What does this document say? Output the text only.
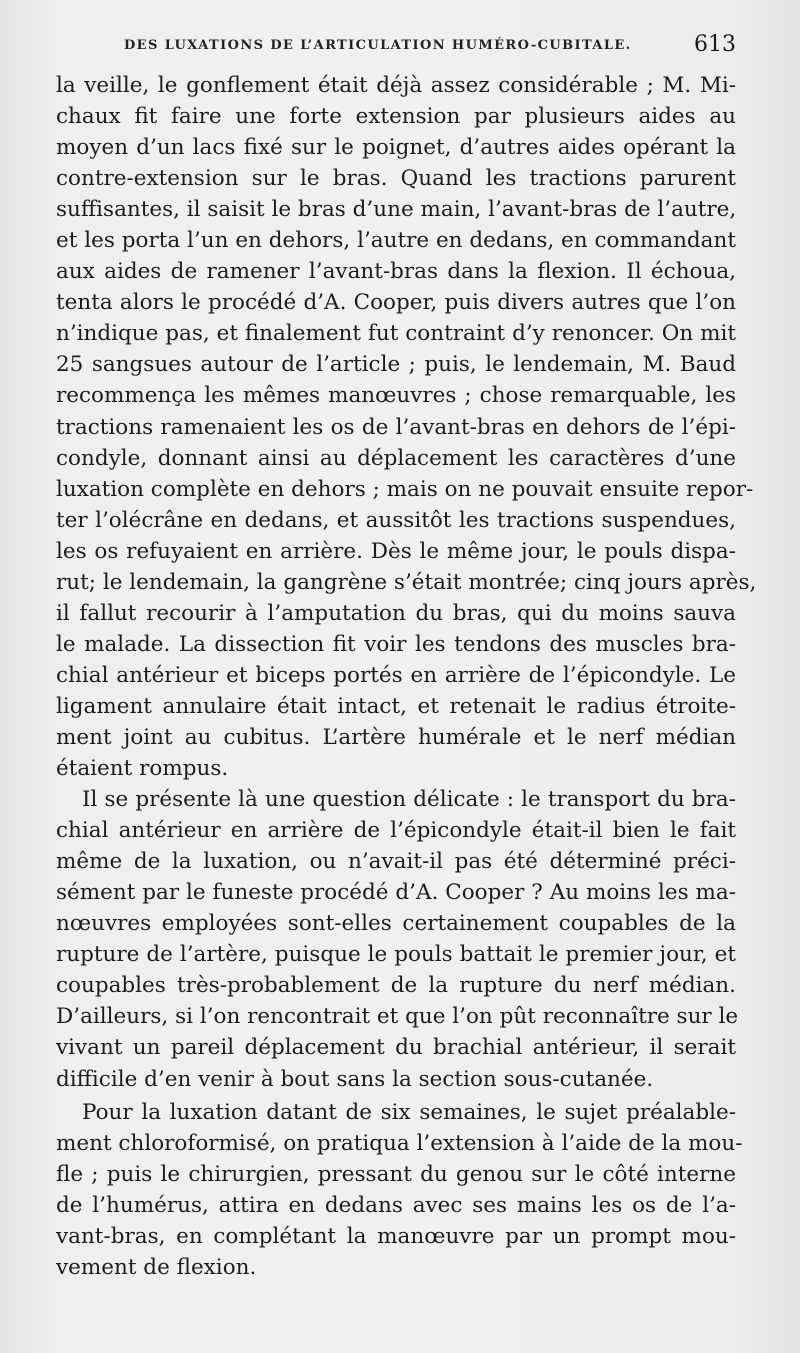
DES LUXATIONS DE L’ARTICULATION HUMÉRO-CUBITALE.	613
la veille, le gonflement était déjà assez considérable ; M. Mi-
chaux fit faire une forte extension par plusieurs aides au
moyen d’un lacs fixé sur le poignet, d’autres aides opérant la
contre-extension sur le bras. Quand les tractions parurent
suffisantes, il saisit le bras d’une main, l’avant-bras de l’autre,
et les porta l’un en dehors, l’autre en dedans, en commandant
aux aides de ramener l’avant-bras dans la flexion. Il échoua,
tenta alors le procédé d’A. Cooper, puis divers autres que l’on
n’indique pas, et finalement fut contraint d’y renoncer. On mit
25 sangsues autour de l’article ; puis, le lendemain, M. Baud
recommença les mêmes manœuvres ; chose remarquable, les
tractions ramenaient les os de l’avant-bras en dehors de l’épi-
condyle, donnant ainsi au déplacement les caractères d’une
luxation complète en dehors ; mais on ne pouvait ensuite repor-
ter l’olécrâne en dedans, et aussitôt les tractions suspendues,
les os refuyaient en arrière. Dès le même jour, le pouls dispa-
rut; le lendemain, la gangrène s’était montrée; cinq jours après,
il fallut recourir à l’amputation du bras, qui du moins sauva
le malade. La dissection fit voir les tendons des muscles bra-
chial antérieur et biceps portés en arrière de l’épicondyle. Le
ligament annulaire était intact, et retenait le radius étroite-
ment joint au cubitus. L’artère humérale et le nerf médian
étaient rompus.
Il se présente là une question délicate : le transport du bra-
chial antérieur en arrière de l’épicondyle était-il bien le fait
même de la luxation, ou n’avait-il pas été déterminé préci-
sément par le funeste procédé d’A. Cooper ? Au moins les ma-
nœuvres employées sont-elles certainement coupables de la
rupture de l’artère, puisque le pouls battait le premier jour, et
coupables très-probablement de la rupture du nerf médian.
D’ailleurs, si l’on rencontrait et que l’on pût reconnaître sur le
vivant un pareil déplacement du brachial antérieur, il serait
difficile d’en venir à bout sans la section sous-cutanée.
Pour la luxation datant de six semaines, le sujet préalable-
ment chloroformisé, on pratiqua l’extension à l’aide de la mou-
fle ; puis le chirurgien, pressant du genou sur le côté interne
de l’humérus, attira en dedans avec ses mains les os de l’a-
vant-bras, en complétant la manœuvre par un prompt mou-
vement de flexion.
